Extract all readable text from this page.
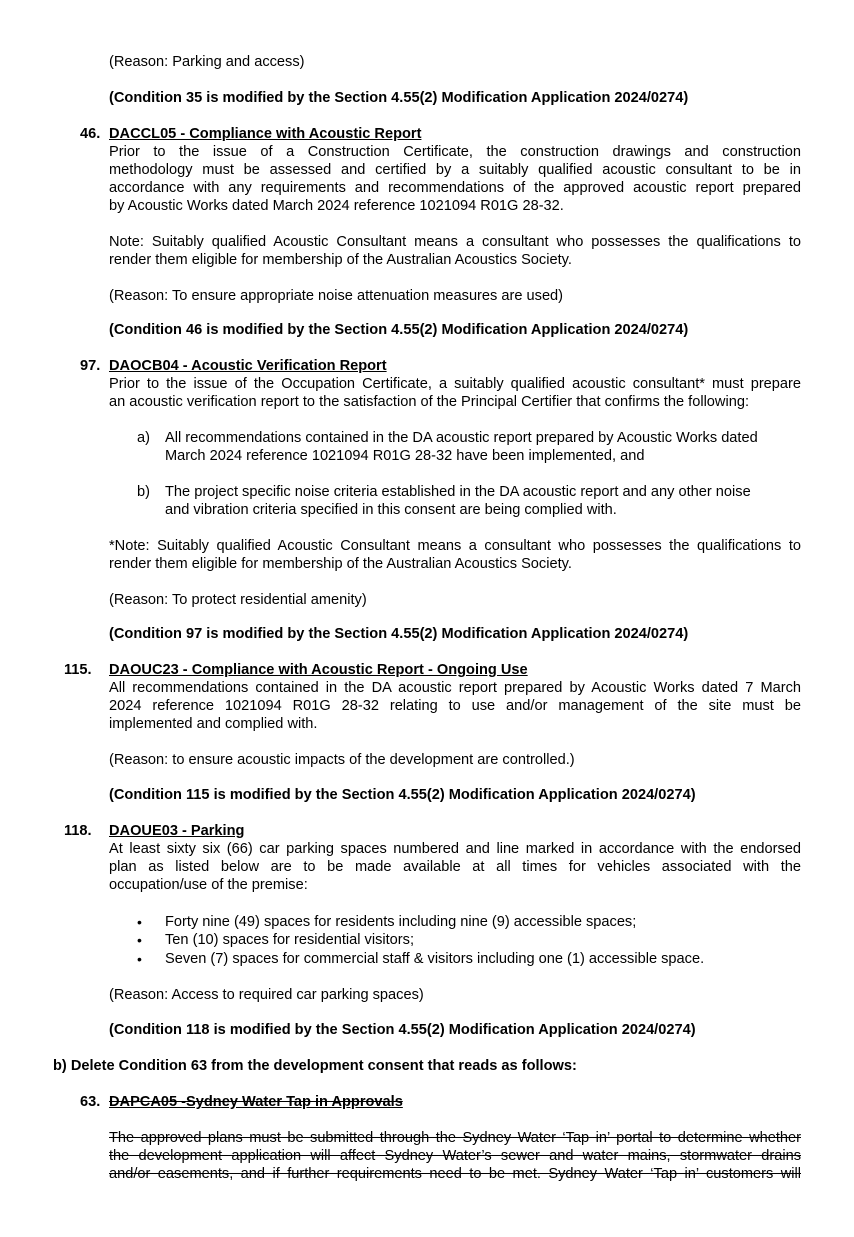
(Reason: Parking and access)
(Condition 35 is modified by the Section 4.55(2) Modification Application 2024/0274)
46. DACCL05 - Compliance with Acoustic Report
Prior to the issue of a Construction Certificate, the construction drawings and construction
methodology must be assessed and certified by a suitably qualified acoustic consultant to be in
accordance with any requirements and recommendations of the approved acoustic report prepared
by Acoustic Works dated March 2024 reference 1021094 R01G 28-32.
Note: Suitably qualified Acoustic Consultant means a consultant who possesses the qualifications to
render them eligible for membership of the Australian Acoustics Society.
(Reason: To ensure appropriate noise attenuation measures are used)
(Condition 46 is modified by the Section 4.55(2) Modification Application 2024/0274)
97. DAOCB04 - Acoustic Verification Report
Prior to the issue of the Occupation Certificate, a suitably qualified acoustic consultant* must prepare
an acoustic verification report to the satisfaction of the Principal Certifier that confirms the following:
a) All recommendations contained in the DA acoustic report prepared by Acoustic Works dated
March 2024 reference 1021094 R01G 28-32 have been implemented, and
b) The project specific noise criteria established in the DA acoustic report and any other noise
and vibration criteria specified in this consent are being complied with.
*Note: Suitably qualified Acoustic Consultant means a consultant who possesses the qualifications to
render them eligible for membership of the Australian Acoustics Society.
(Reason: To protect residential amenity)
(Condition 97 is modified by the Section 4.55(2) Modification Application 2024/0274)
115. DAOUC23 - Compliance with Acoustic Report - Ongoing Use
All recommendations contained in the DA acoustic report prepared by Acoustic Works dated 7 March
2024 reference 1021094 R01G 28-32 relating to use and/or management of the site must be
implemented and complied with.
(Reason: to ensure acoustic impacts of the development are controlled.)
(Condition 115 is modified by the Section 4.55(2) Modification Application 2024/0274)
118. DAOUE03 - Parking
At least sixty six (66) car parking spaces numbered and line marked in accordance with the endorsed
plan as listed below are to be made available at all times for vehicles associated with the
occupation/use of the premise:
• Forty nine (49) spaces for residents including nine (9) accessible spaces;
• Ten (10) spaces for residential visitors;
• Seven (7) spaces for commercial staff & visitors including one (1) accessible space.
(Reason: Access to required car parking spaces)
(Condition 118 is modified by the Section 4.55(2) Modification Application 2024/0274)
b) Delete Condition 63 from the development consent that reads as follows:
63. DAPCA05 -Sydney Water Tap in Approvals
The approved plans must be submitted through the Sydney Water ‘Tap in’ portal to determine whether
the development application will affect Sydney Water’s sewer and water mains, stormwater drains
and/or easements, and if further requirements need to be met. Sydney Water ‘Tap in’ customers will
